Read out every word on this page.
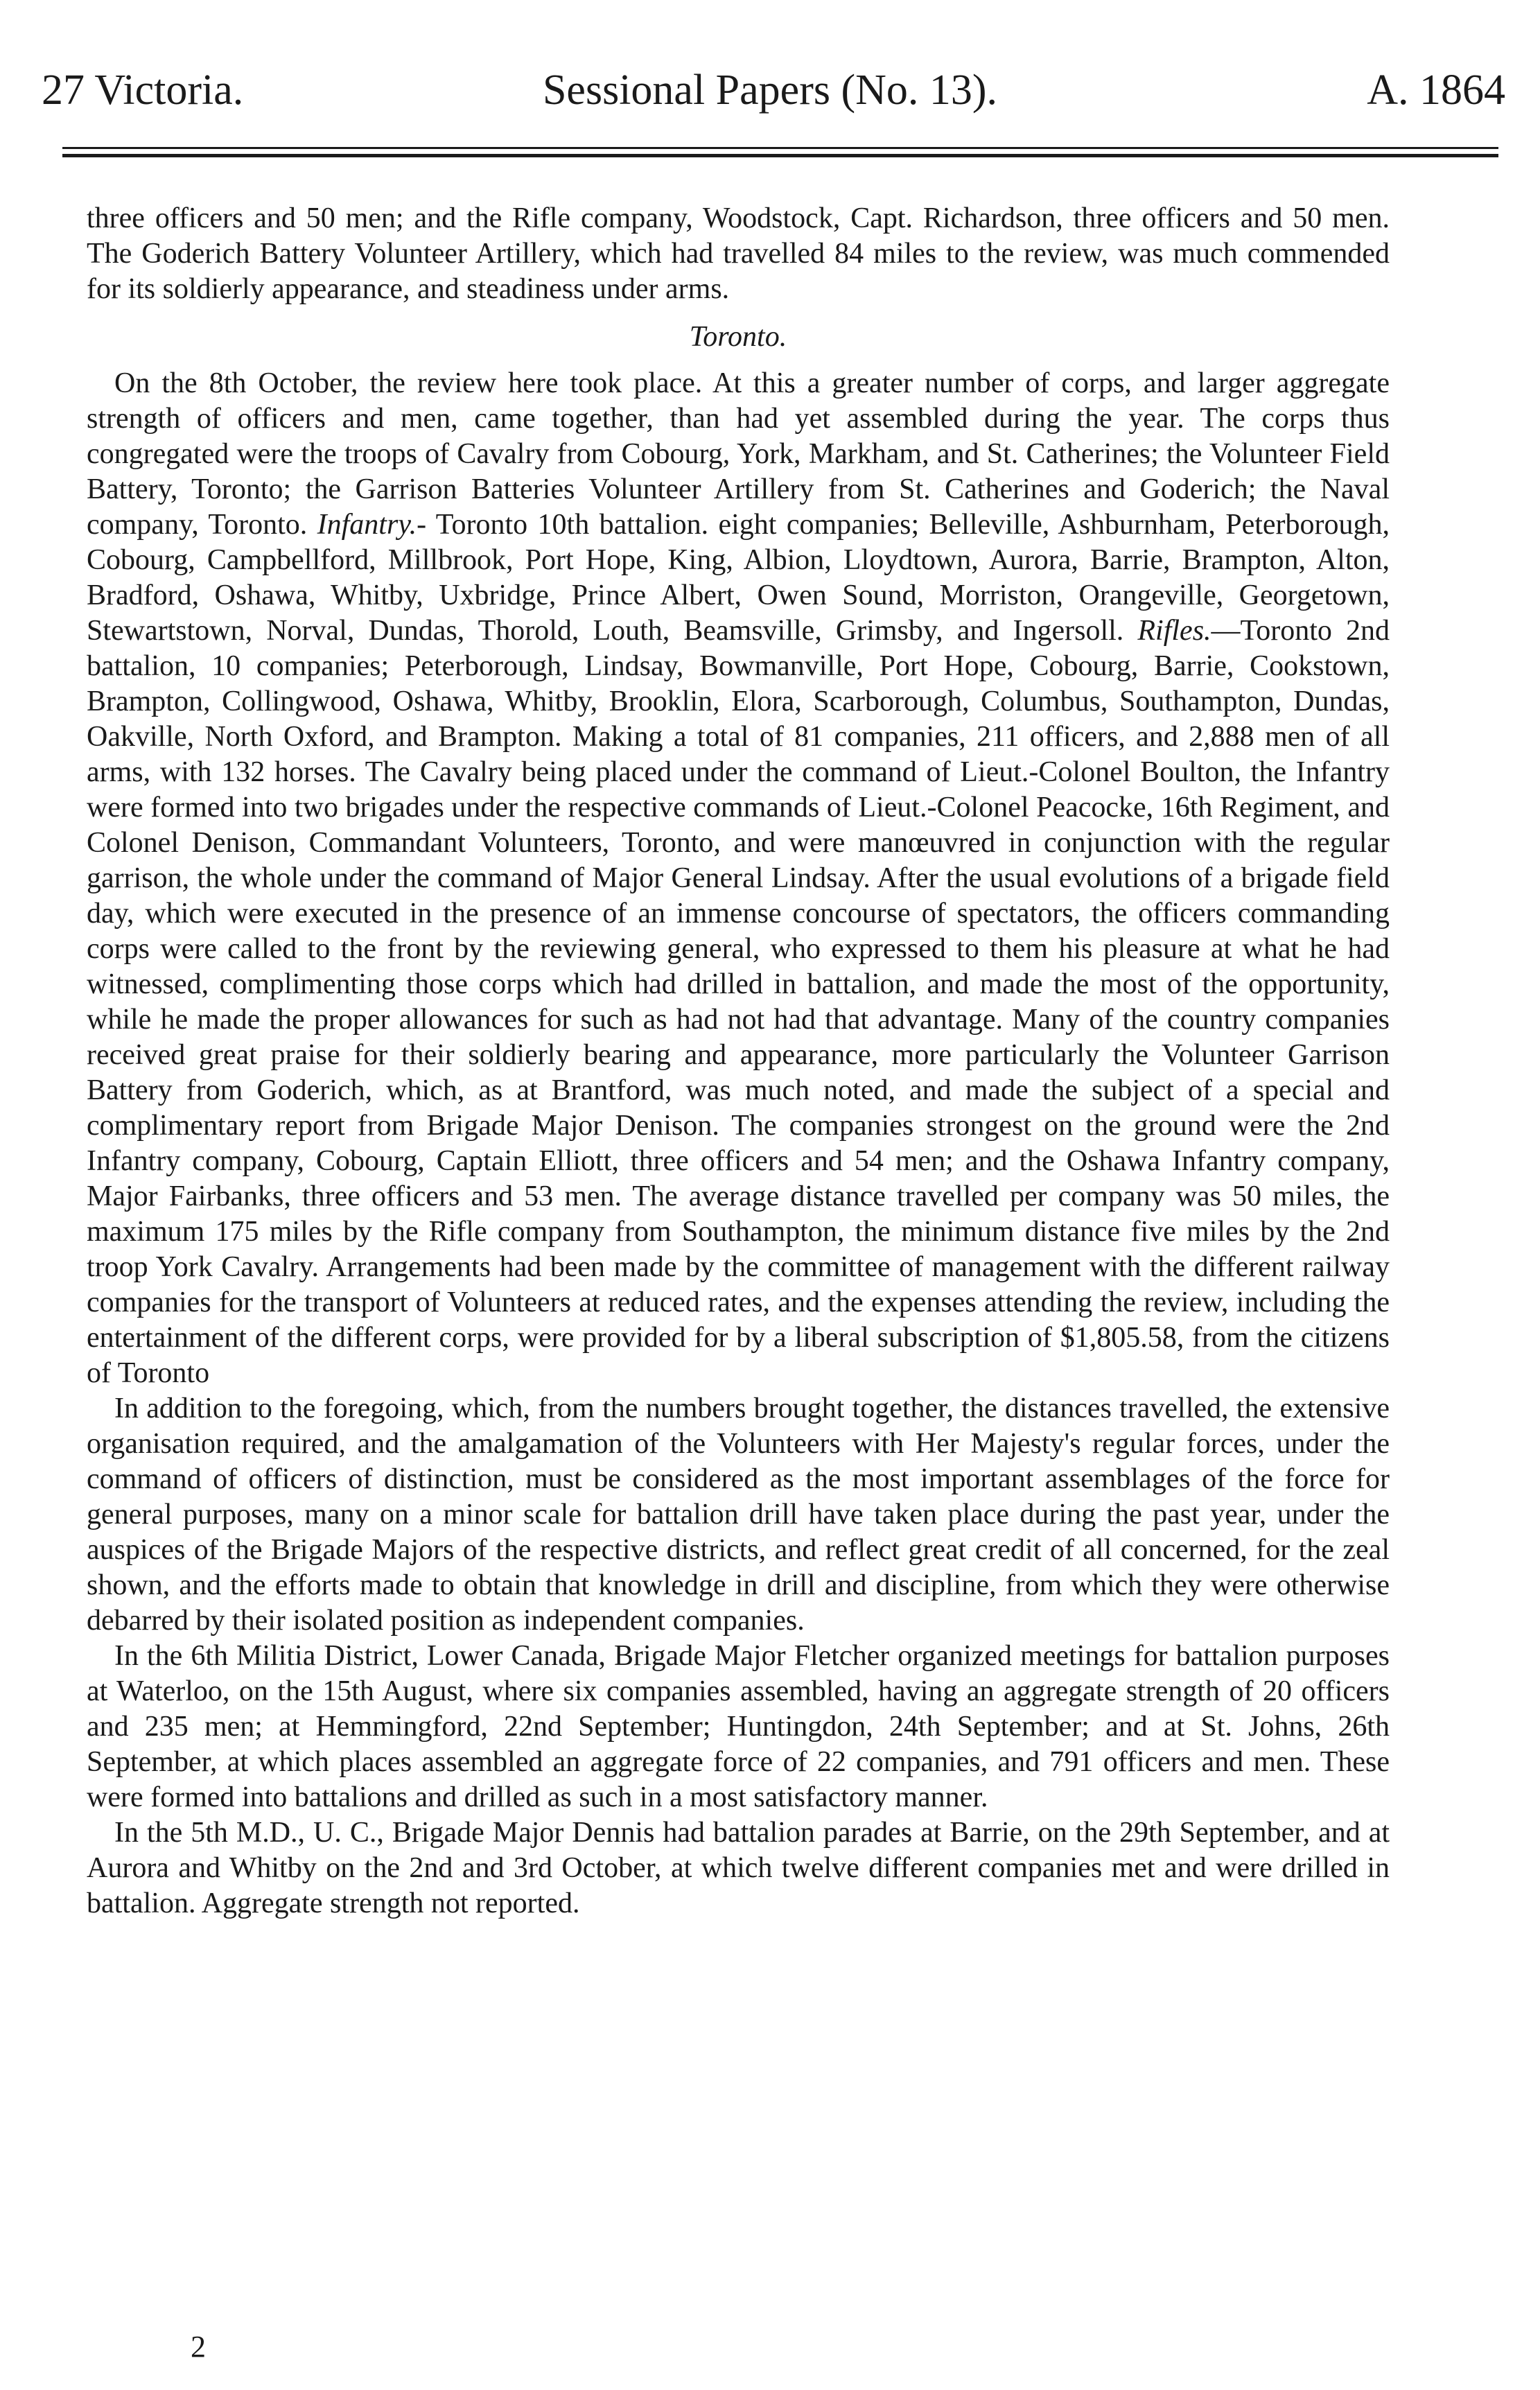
27 Victoria.	Sessional Papers (No. 13).	A. 1864

three officers and 50 men; and the Rifle company, Woodstock, Capt. Richardson, three officers and 50 men. The Goderich Battery Volunteer Artillery, which had travelled 84 miles to the review, was much commended for its soldierly appearance, and steadiness under arms.

Toronto.

On the 8th October, the review here took place. At this a greater number of corps, and larger aggregate strength of officers and men, came together, than had yet assembled during the year. The corps thus congregated were the troops of Cavalry from Cobourg, York, Markham, and St. Catherines; the Volunteer Field Battery, Toronto; the Garrison Batteries Volunteer Artillery from St. Catherines and Goderich; the Naval company, Toronto. Infantry.- Toronto 10th battalion. eight companies; Belleville, Ashburnham, Peterborough, Cobourg, Campbellford, Millbrook, Port Hope, King, Albion, Lloydtown, Aurora, Barrie, Brampton, Alton, Bradford, Oshawa, Whitby, Uxbridge, Prince Albert, Owen Sound, Morriston, Orangeville, Georgetown, Stewartstown, Norval, Dundas, Thorold, Louth, Beamsville, Grimsby, and Ingersoll. Rifles.—Toronto 2nd battalion, 10 companies; Peterborough, Lindsay, Bowmanville, Port Hope, Cobourg, Barrie, Cookstown, Brampton, Collingwood, Oshawa, Whitby, Brooklin, Elora, Scarborough, Columbus, Southampton, Dundas, Oakville, North Oxford, and Brampton. Making a total of 81 companies, 211 officers, and 2,888 men of all arms, with 132 horses. The Cavalry being placed under the command of Lieut.-Colonel Boulton, the Infantry were formed into two brigades under the respective commands of Lieut.-Colonel Peacocke, 16th Regiment, and Colonel Denison, Commandant Volunteers, Toronto, and were manœuvred in conjunction with the regular garrison, the whole under the command of Major General Lindsay. After the usual evolutions of a brigade field day, which were executed in the presence of an immense concourse of spectators, the officers commanding corps were called to the front by the reviewing general, who expressed to them his pleasure at what he had witnessed, complimenting those corps which had drilled in battalion, and made the most of the opportunity, while he made the proper allowances for such as had not had that advantage. Many of the country companies received great praise for their soldierly bearing and appearance, more particularly the Volunteer Garrison Battery from Goderich, which, as at Brantford, was much noted, and made the subject of a special and complimentary report from Brigade Major Denison. The companies strongest on the ground were the 2nd Infantry company, Cobourg, Captain Elliott, three officers and 54 men; and the Oshawa Infantry company, Major Fairbanks, three officers and 53 men. The average distance travelled per company was 50 miles, the maximum 175 miles by the Rifle company from Southampton, the minimum distance five miles by the 2nd troop York Cavalry. Arrangements had been made by the committee of management with the different railway companies for the transport of Volunteers at reduced rates, and the expenses attending the review, including the entertainment of the different corps, were provided for by a liberal subscription of $1,805.58, from the citizens of Toronto

In addition to the foregoing, which, from the numbers brought together, the distances travelled, the extensive organisation required, and the amalgamation of the Volunteers with Her Majesty's regular forces, under the command of officers of distinction, must be considered as the most important assemblages of the force for general purposes, many on a minor scale for battalion drill have taken place during the past year, under the auspices of the Brigade Majors of the respective districts, and reflect great credit of all concerned, for the zeal shown, and the efforts made to obtain that knowledge in drill and discipline, from which they were otherwise debarred by their isolated position as independent companies.

In the 6th Militia District, Lower Canada, Brigade Major Fletcher organized meetings for battalion purposes at Waterloo, on the 15th August, where six companies assembled, having an aggregate strength of 20 officers and 235 men; at Hemmingford, 22nd September; Huntingdon, 24th September; and at St. Johns, 26th September, at which places assembled an aggregate force of 22 companies, and 791 officers and men. These were formed into battalions and drilled as such in a most satisfactory manner.

In the 5th M.D., U. C., Brigade Major Dennis had battalion parades at Barrie, on the 29th September, and at Aurora and Whitby on the 2nd and 3rd October, at which twelve different companies met and were drilled in battalion. Aggregate strength not reported.

2
